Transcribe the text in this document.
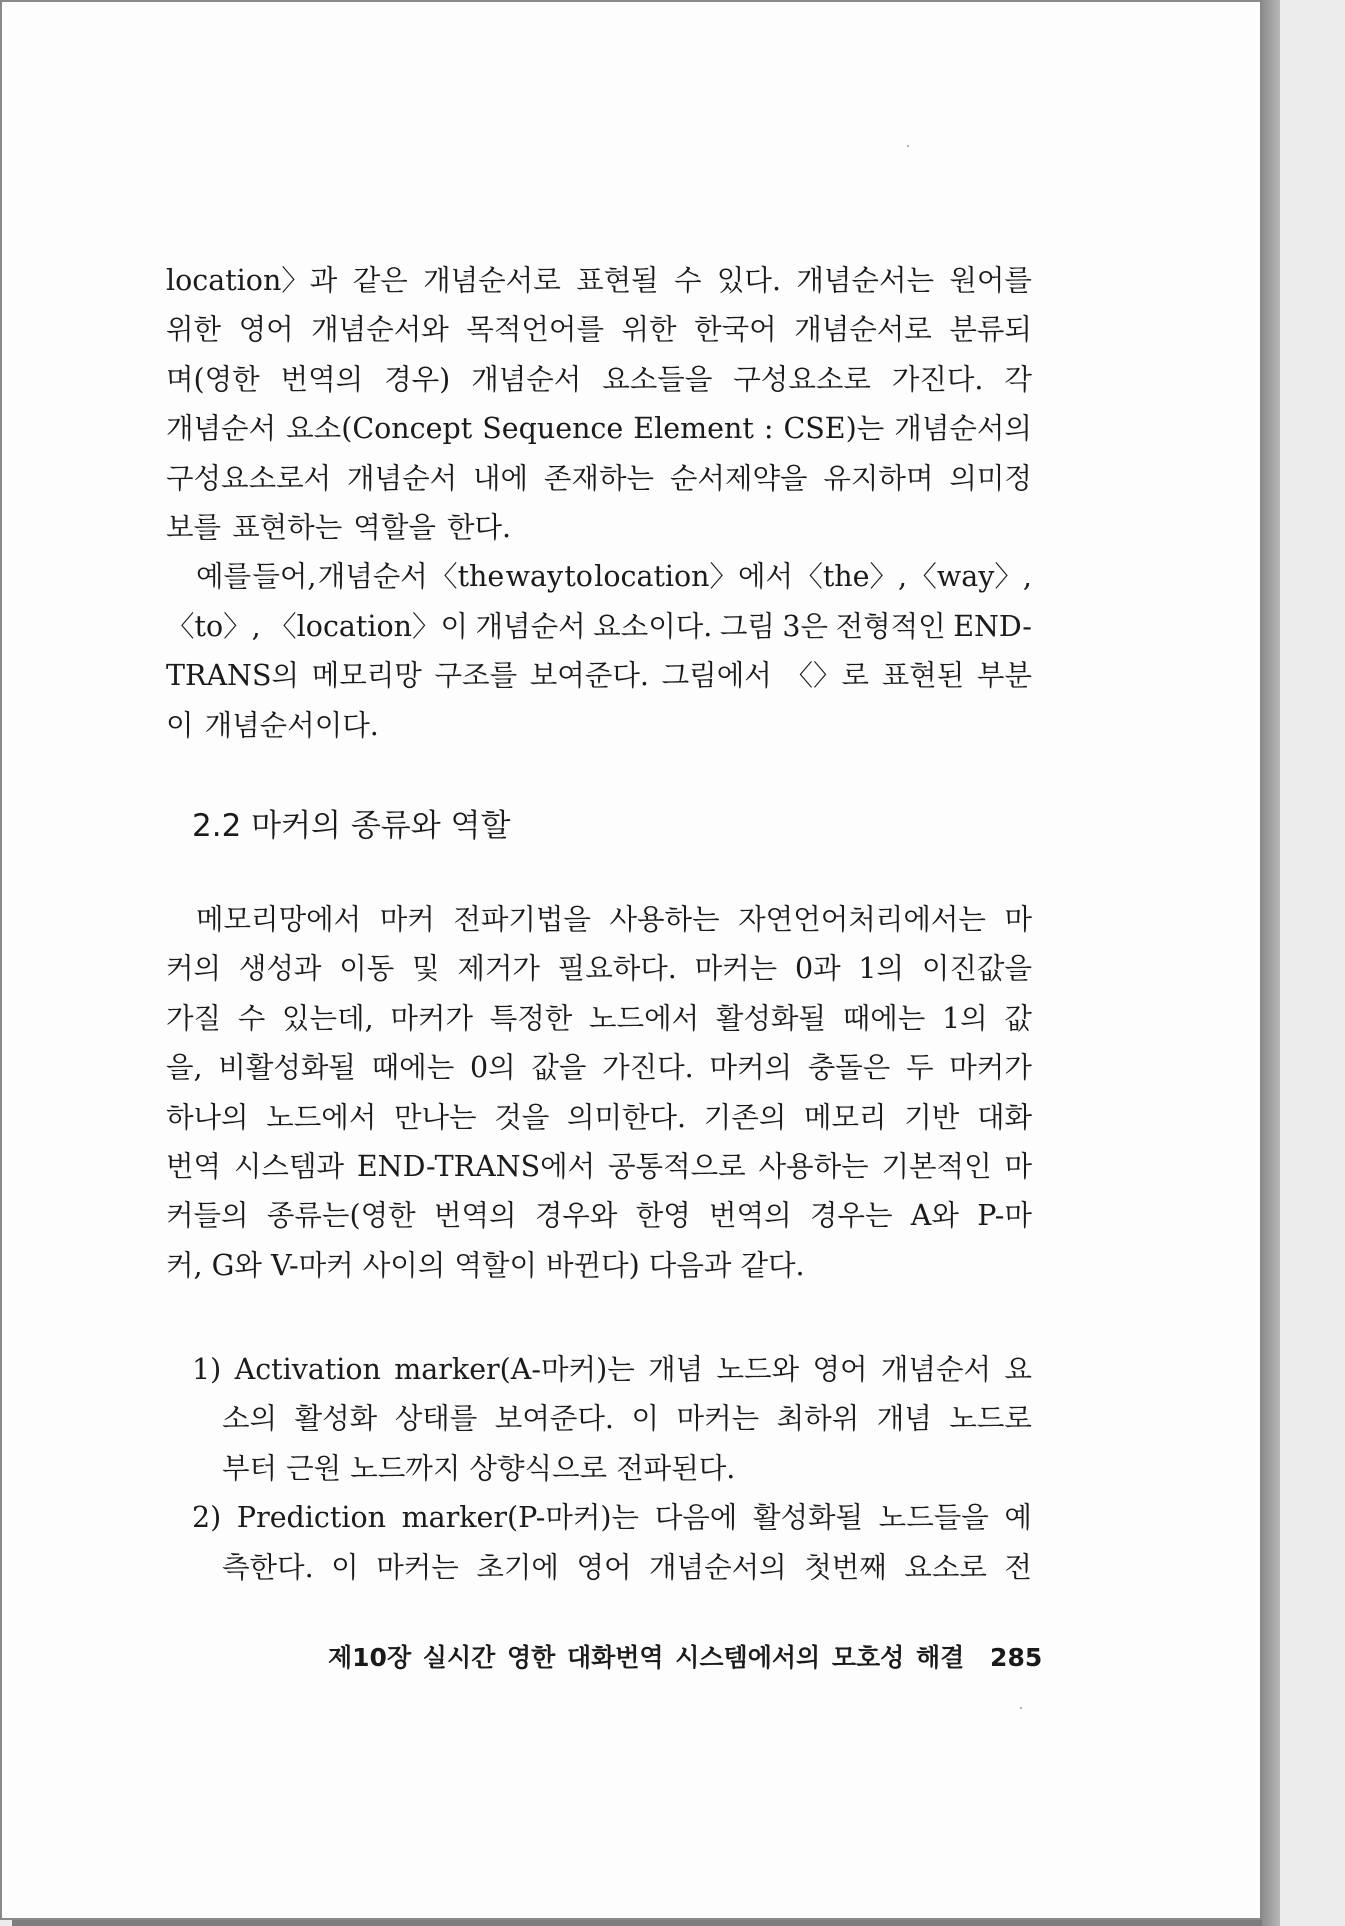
location〉과 같은 개념순서로 표현될 수 있다. 개념순서는 원어를
위한 영어 개념순서와 목적언어를 위한 한국어 개념순서로 분류되
며(영한 번역의 경우) 개념순서 요소들을 구성요소로 가진다. 각
개념순서 요소(Concept Sequence Element : CSE)는 개념순서의
구성요소로서 개념순서 내에 존재하는 순서제약을 유지하며 의미정
보를 표현하는 역할을 한다.
예를 들어, 개념순서 〈the way to location〉에서 〈the〉, 〈way〉,
〈to〉, 〈location〉이 개념순서 요소이다. 그림 3은 전형적인 END-
TRANS의 메모리망 구조를 보여준다. 그림에서 〈〉로 표현된 부분
이 개념순서이다.
2.2 마커의 종류와 역할
메모리망에서 마커 전파기법을 사용하는 자연언어처리에서는 마
커의 생성과 이동 및 제거가 필요하다. 마커는 0과 1의 이진값을
가질 수 있는데, 마커가 특정한 노드에서 활성화될 때에는 1의 값
을, 비활성화될 때에는 0의 값을 가진다. 마커의 충돌은 두 마커가
하나의 노드에서 만나는 것을 의미한다. 기존의 메모리 기반 대화
번역 시스템과 END-TRANS에서 공통적으로 사용하는 기본적인 마
커들의 종류는(영한 번역의 경우와 한영 번역의 경우는 A와 P-마
커, G와 V-마커 사이의 역할이 바뀐다) 다음과 같다.
1) Activation marker(A-마커)는 개념 노드와 영어 개념순서 요
소의 활성화 상태를 보여준다. 이 마커는 최하위 개념 노드로
부터 근원 노드까지 상향식으로 전파된다.
2) Prediction marker(P-마커)는 다음에 활성화될 노드들을 예
측한다. 이 마커는 초기에 영어 개념순서의 첫번째 요소로 전
제10장 실시간 영한 대화번역 시스템에서의 모호성 해결 285
